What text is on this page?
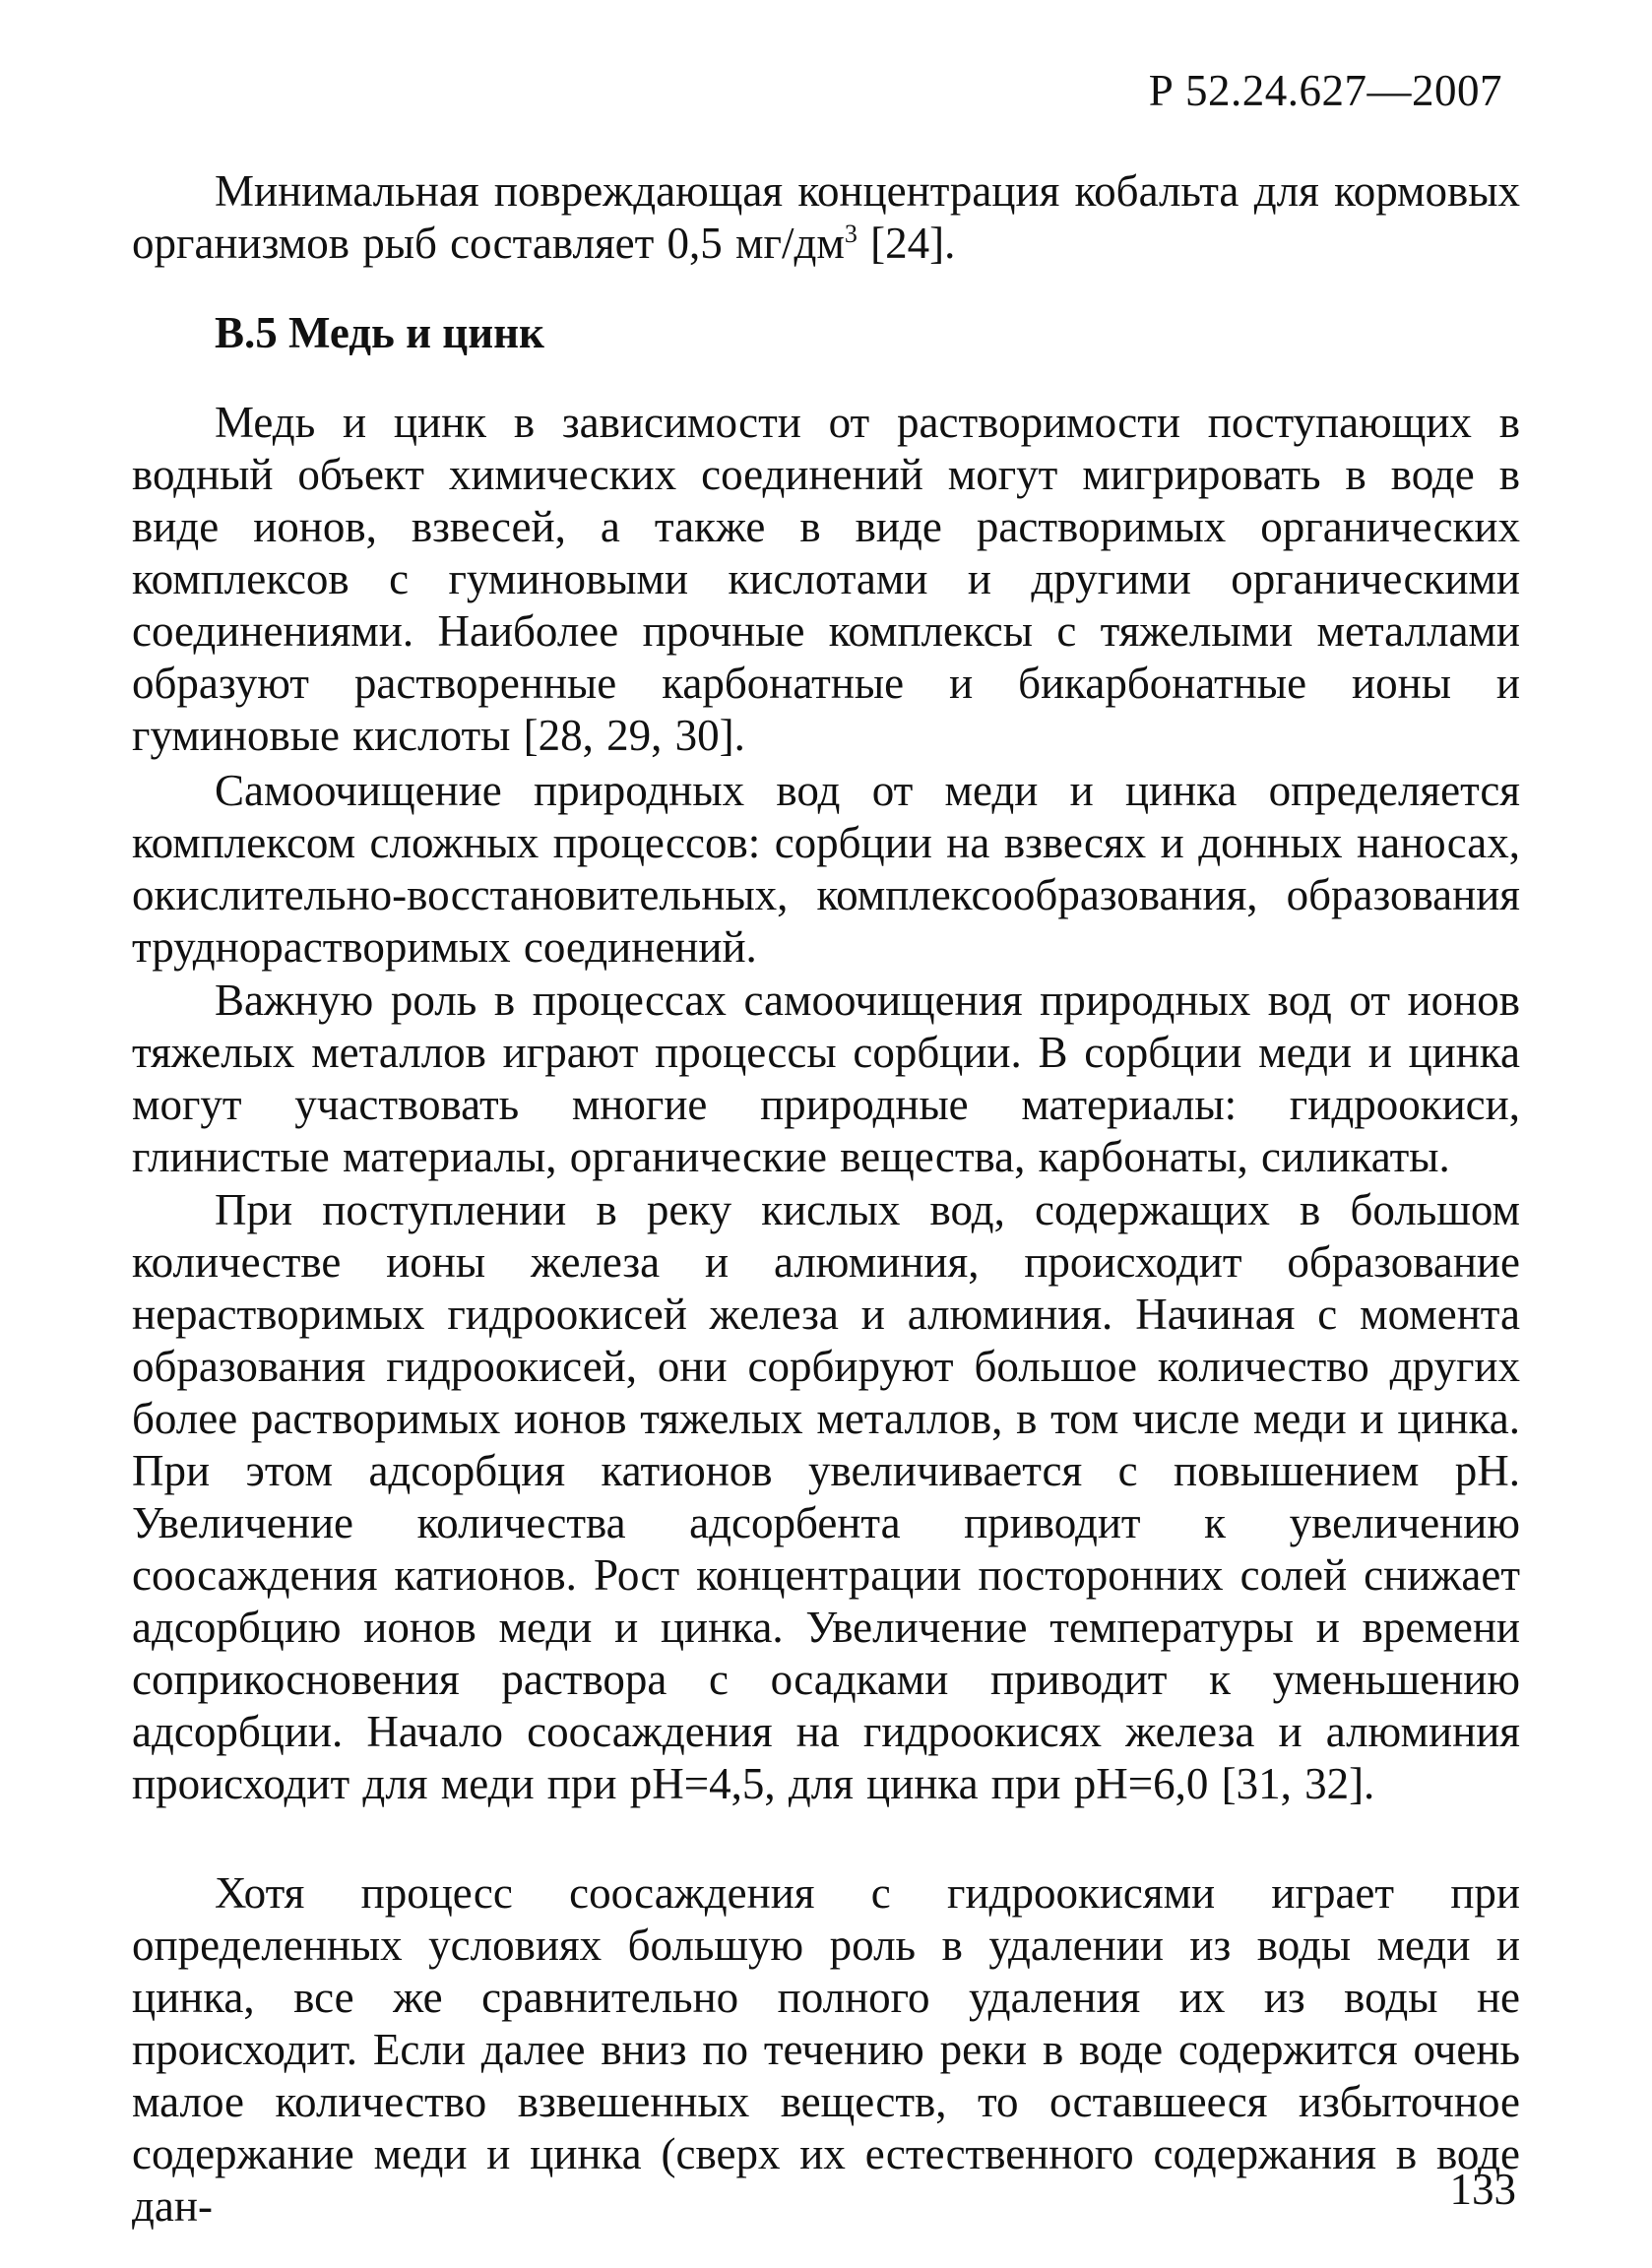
Р 52.24.627—2007

Минимальная повреждающая концентрация кобальта для кормовых организмов рыб составляет 0,5 $мг/дм^3$ [24].

В.5 Медь и цинк

Медь и цинк в зависимости от растворимости поступающих в водный объект химических соединений могут мигрировать в воде в виде ионов, взвесей, а также в виде растворимых органических комплексов с гуминовыми кислотами и другими органическими соединениями. Наиболее прочные комплексы с тяжелыми металлами образуют растворенные карбонатные и бикарбонатные ионы и гуминовые кислоты [28, 29, 30].

Самоочищение природных вод от меди и цинка определяется комплексом сложных процессов: сорбции на взвесях и донных наносах, окислительно-восстановительных, комплексообразования, образования труднорастворимых соединений.

Важную роль в процессах самоочищения природных вод от ионов тяжелых металлов играют процессы сорбции. В сорбции меди и цинка могут участвовать многие природные материалы: гидроокиси, глинистые материалы, органические вещества, карбонаты, силикаты.

При поступлении в реку кислых вод, содержащих в большом количестве ионы железа и алюминия, происходит образование нерастворимых гидроокисей железа и алюминия. Начиная с момента образования гидроокисей, они сорбируют большое количество других более растворимых ионов тяжелых металлов, в том числе меди и цинка. При этом адсорбция катионов увеличивается с повышением pH. Увеличение количества адсорбента приводит к увеличению соосаждения катионов. Рост концентрации посторонних солей снижает адсорбцию ионов меди и цинка. Увеличение температуры и времени соприкосновения раствора с осадками приводит к уменьшению адсорбции. Начало соосаждения на гидроокисях железа и алюминия происходит для меди при pH=4,5, для цинка при pH=6,0 [31, 32].

Хотя процесс соосаждения с гидроокисями играет при определенных условиях большую роль в удалении из воды меди и цинка, все же сравнительно полного удаления их из воды не происходит. Если далее вниз по течению реки в воде содержится очень малое количество взвешенных веществ, то оставшееся избыточное содержание меди и цинка (сверх их естественного содержания в воде дан-	133
